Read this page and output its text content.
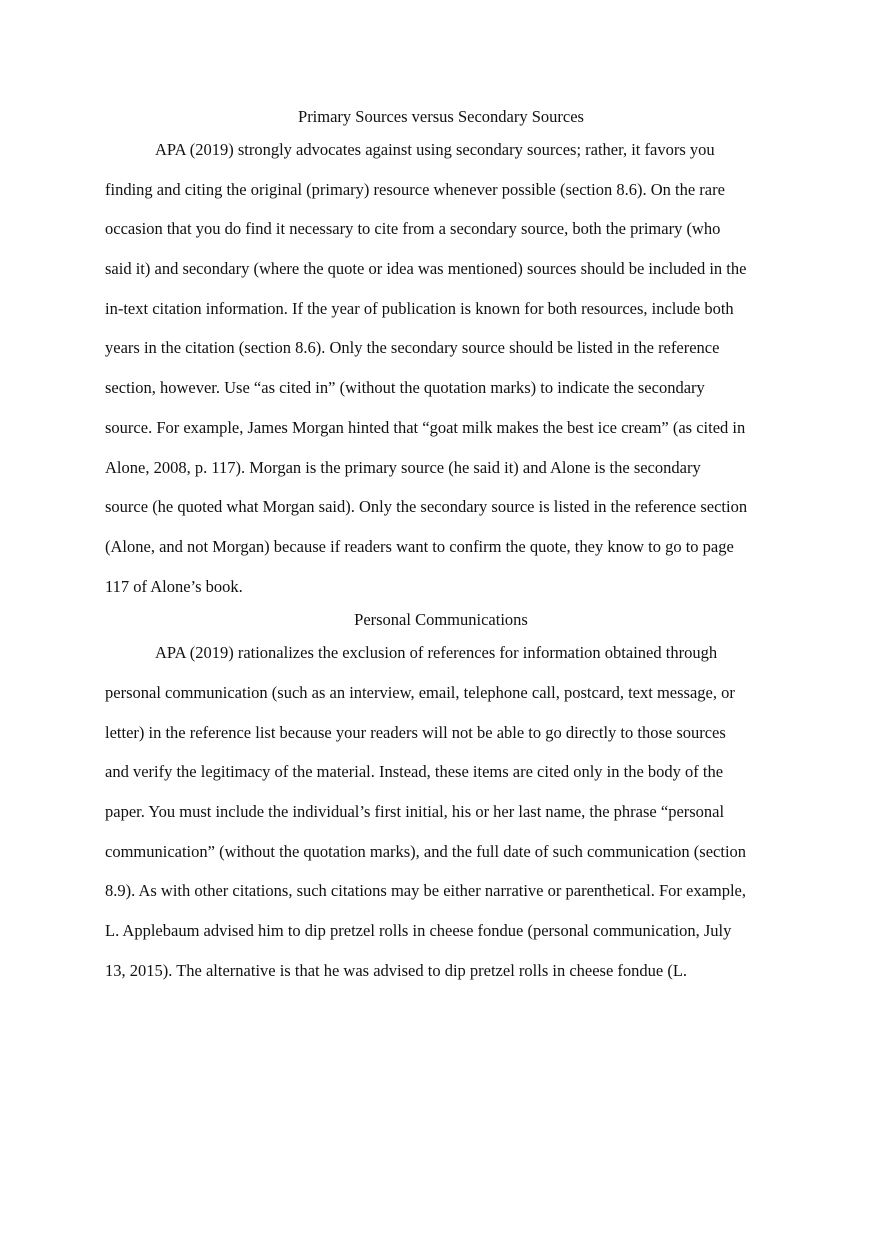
Primary Sources versus Secondary Sources

APA (2019) strongly advocates against using secondary sources; rather, it favors you
finding and citing the original (primary) resource whenever possible (section 8.6). On the rare
occasion that you do find it necessary to cite from a secondary source, both the primary (who
said it) and secondary (where the quote or idea was mentioned) sources should be included in the
in-text citation information. If the year of publication is known for both resources, include both
years in the citation (section 8.6). Only the secondary source should be listed in the reference
section, however. Use “as cited in” (without the quotation marks) to indicate the secondary
source. For example, James Morgan hinted that “goat milk makes the best ice cream” (as cited in
Alone, 2008, p. 117). Morgan is the primary source (he said it) and Alone is the secondary
source (he quoted what Morgan said). Only the secondary source is listed in the reference section
(Alone, and not Morgan) because if readers want to confirm the quote, they know to go to page
117 of Alone’s book.

Personal Communications

APA (2019) rationalizes the exclusion of references for information obtained through
personal communication (such as an interview, email, telephone call, postcard, text message, or
letter) in the reference list because your readers will not be able to go directly to those sources
and verify the legitimacy of the material. Instead, these items are cited only in the body of the
paper. You must include the individual’s first initial, his or her last name, the phrase “personal
communication” (without the quotation marks), and the full date of such communication (section
8.9). As with other citations, such citations may be either narrative or parenthetical. For example,
L. Applebaum advised him to dip pretzel rolls in cheese fondue (personal communication, July
13, 2015). The alternative is that he was advised to dip pretzel rolls in cheese fondue (L.
